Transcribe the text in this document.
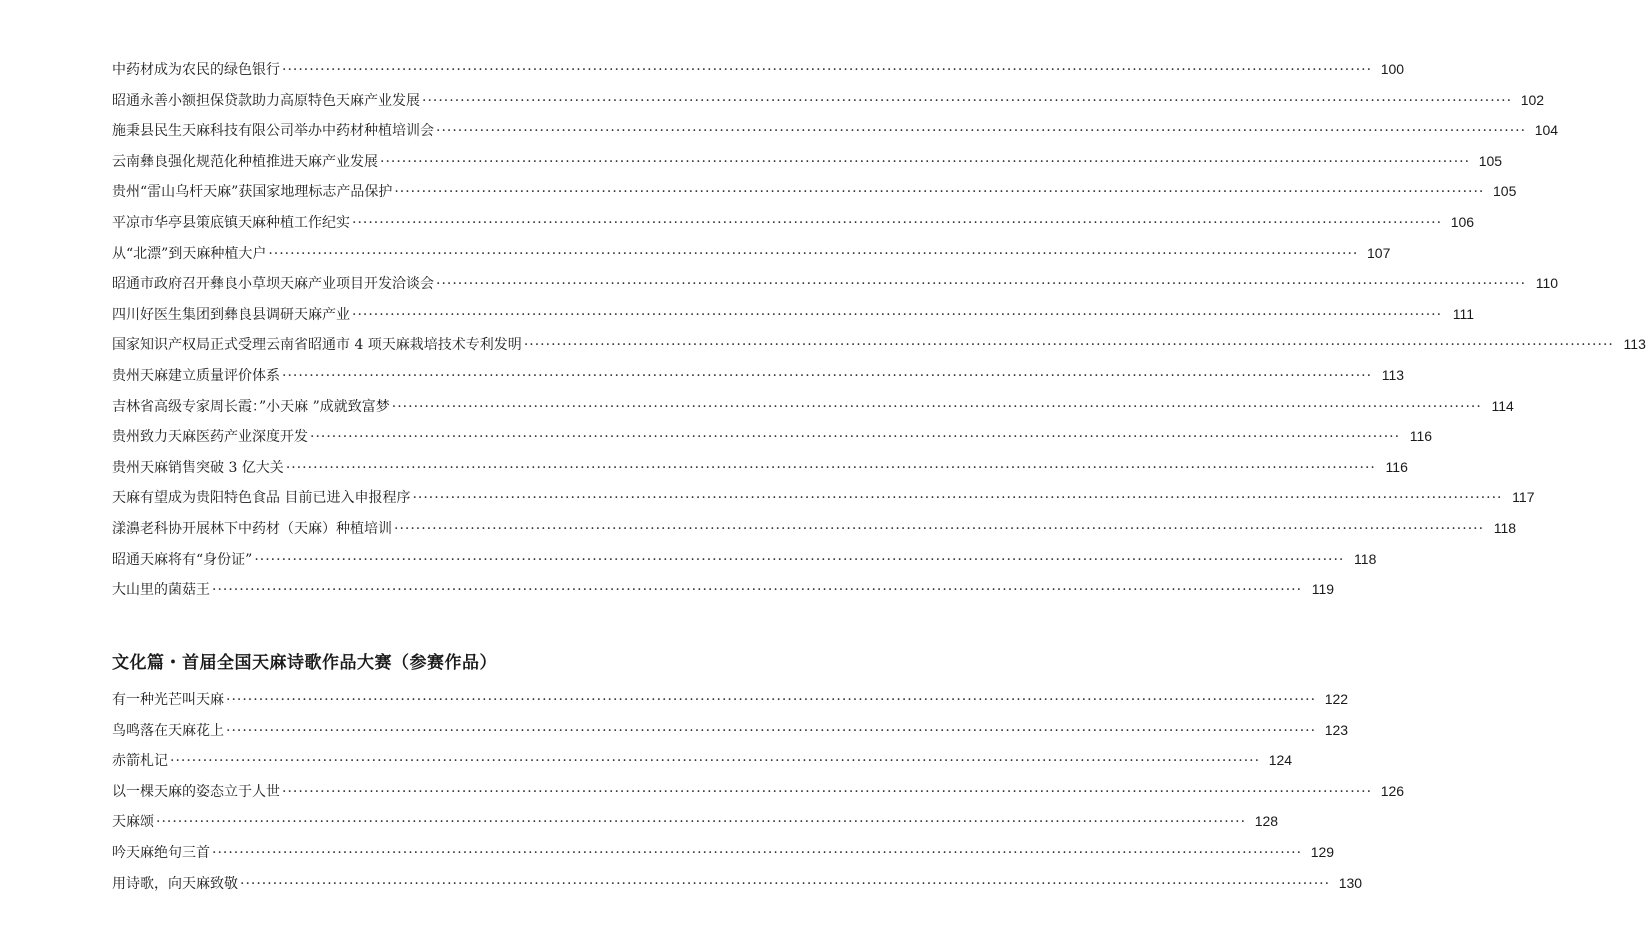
中药材成为农民的绿色银行 ········································································································································································································ 100
昭通永善小额担保贷款助力高原特色天麻产业发展 ········································································································································································································ 102
施秉县民生天麻科技有限公司举办中药材种植培训会 ········································································································································································································ 104
云南彝良强化规范化种植推进天麻产业发展 ········································································································································································································ 105
贵州“雷山乌杆天麻”获国家地理标志产品保护 ········································································································································································································ 105
平凉市华亭县策底镇天麻种植工作纪实 ········································································································································································································ 106
从“北漂”到天麻种植大户 ········································································································································································································ 107
昭通市政府召开彝良小草坝天麻产业项目开发洽谈会 ········································································································································································································ 110
四川好医生集团到彝良县调研天麻产业 ········································································································································································································ 111
国家知识产权局正式受理云南省昭通市 4 项天麻栽培技术专利发明 ········································································································································································································ 113
贵州天麻建立质量评价体系 ········································································································································································································ 113
吉林省高级专家周长霞：”小天麻 ”成就致富梦 ········································································································································································································ 114
贵州致力天麻医药产业深度开发 ········································································································································································································ 116
贵州天麻销售突破 3 亿大关 ········································································································································································································ 116
天麻有望成为贵阳特色食品 目前已进入申报程序 ········································································································································································································ 117
漾濞老科协开展林下中药材（天麻）种植培训 ········································································································································································································ 118
昭通天麻将有“身份证” ········································································································································································································ 118
大山里的菌菇王 ········································································································································································································ 119
文化篇・首届全国天麻诗歌作品大赛（参赛作品）
有一种光芒叫天麻 ········································································································································································································ 122
鸟鸣落在天麻花上 ········································································································································································································ 123
赤箭札记 ········································································································································································································ 124
以一棵天麻的姿态立于人世 ········································································································································································································ 126
天麻颂 ········································································································································································································ 128
吟天麻绝句三首 ········································································································································································································ 129
用诗歌，向天麻致敬 ········································································································································································································ 130
